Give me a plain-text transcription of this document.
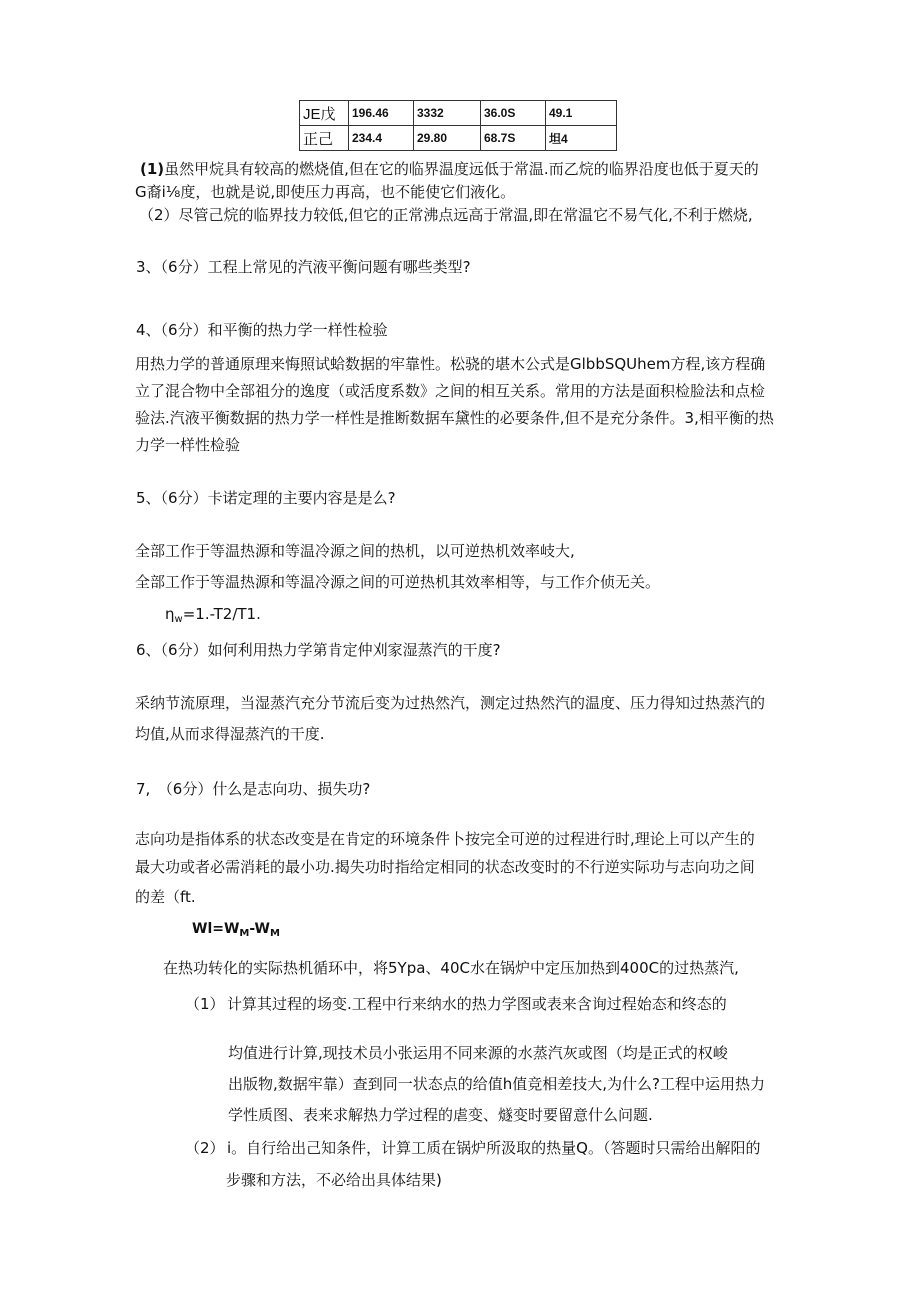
JE戊	196.46	3332	36.0S	49.1
正己	234.4	29.80	68.7S	坦4
(1)虽然甲烷具有较高的燃烧值,但在它的临界温度远低于常温.而乙烷的临界沿度也低于夏天的
G裔i⅛度，也就是说,即使压力再高，也不能使它们液化。
（2）尽管己烷的临界技力较低,但它的正常沸点远高于常温,即在常温它不易气化,不利于燃烧,
3、（6分）工程上常见的汽液平衡问题有哪些类型?
4、（6分）和平衡的热力学一样性检验
用热力学的普通原理来悔照试蛤数据的牢靠性。松骁的堪木公式是GlbbSQUhem方程,该方程确
立了混合物中全部祖分的逸度（或活度系数》之间的相互关系。常用的方法是面积检脸法和点检
验法.汽液平衡数据的热力学一样性是推断数据车黛性的必要条件,但不是充分条件。3,相平衡的热
力学一样性检验
5、（6分）卡诺定理的主要内容是是么?
全部工作于等温热源和等温冷源之间的热机，以可逆热机效率岐大,
全部工作于等温热源和等温冷源之间的可逆热机其效率相等，与工作介侦无关。
$\eta_w=1.-T2∕T1$.
6、（6分）如何利用热力学第肯定仲刈家湿蒸汽的干度?
采纳节流原理，当湿蒸汽充分节流后变为过热然汽，测定过热然汽的温度、压力得知过热蒸汽的
均值,从而求得湿蒸汽的干度.
7,　（6分）什么是志向功、损失功?
志向功是指体系的状态改变是在肯定的环境条件卜按完全可逆的过程进行时,理论上可以产生的
最大功或者必需消耗的最小功.揭失功时指给定相同的状态改变时的不行逆实际功与志向功之间
的差（ft.
$Wl=W_M-W_M$
在热功转化的实际热机循环中，将5Ypa、40C水在锅炉中定压加热到400C的过热蒸汽,
（1） 计算其过程的场变.工程中行来纳水的热力学图或表来含询过程始态和终态的
均值进行计算,现技术员小张运用不同来源的水蒸汽灰或图（均是正式的权峻
出版物,数据牢靠）查到同一状态点的给值h值竞相差技大,为什么?工程中运用热力
学性质图、表来求解热力学过程的虐变、燧变时要留意什么问题.
（2） i。自行给出己知条件，计算工质在锅炉所汲取的热量Q。（答题时只需给出解阳的
步骤和方法，不必给出具体结果)
